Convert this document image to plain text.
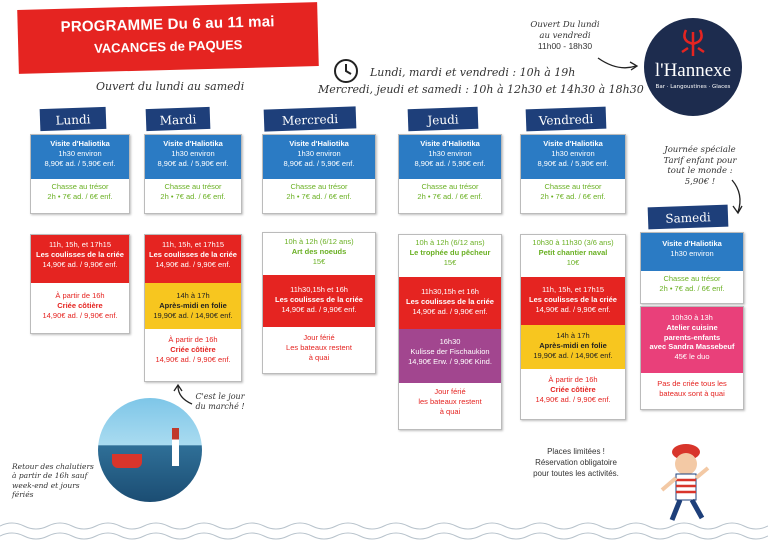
PROGRAMME Du 6 au 11 mai
VACANCES de PAQUES
Ouvert du lundi au samedi
Lundi, mardi et vendredi : 10h à 19h
Mercredi, jeudi et samedi : 10h à 12h30 et 14h30 à 18h30
Ouvert Du lundi
au vendredi
11h00 - 18h30
l'Hannexe
Bar · Langoustines · Glaces
Lundi
Visite d'Haliotika
1h30 environ
8,90€ ad. / 5,90€ enf.
Chasse au trésor
2h • 7€ ad. / 6€ enf.
11h, 15h, et 17h15
Les coulisses de la criée
14,90€ ad. / 9,90€ enf.
À partir de 16h
Criée côtière
14,90€ ad. / 9,90€ enf.
Mardi
Visite d'Haliotika
1h30 environ
8,90€ ad. / 5,90€ enf.
Chasse au trésor
2h • 7€ ad. / 6€ enf.
11h, 15h, et 17h15
Les coulisses de la criée
14,90€ ad. / 9,90€ enf.
14h à 17h
Après-midi en folie
19,90€ ad. / 14,90€ enf.
À partir de 16h
Criée côtière
14,90€ ad. / 9,90€ enf.
Mercredi
Visite d'Haliotika
1h30 environ
8,90€ ad. / 5,90€ enf.
Chasse au trésor
2h • 7€ ad. / 6€ enf.
10h à 12h (6/12 ans)
Art des noeuds
15€
11h30,15h et 16h
Les coulisses de la criée
14,90€ ad. / 9,90€ enf.
Jour férié
Les bateaux restent
à quai
Jeudi
Visite d'Haliotika
1h30 environ
8,90€ ad. / 5,90€ enf.
Chasse au trésor
2h • 7€ ad. / 6€ enf.
10h à 12h (6/12 ans)
Le trophée du pêcheur
15€
11h30,15h et 16h
Les coulisses de la criée
14,90€ ad. / 9,90€ enf.
16h30
Kulisse der Fischaukion
14,90€ Erw. / 9,90€ Kind.
Jour férié
les bateaux restent
à quai
Vendredi
Visite d'Haliotika
1h30 environ
8,90€ ad. / 5,90€ enf.
Chasse au trésor
2h • 7€ ad. / 6€ enf.
10h30 à 11h30 (3/6 ans)
Petit chantier naval
10€
11h, 15h, et 17h15
Les coulisses de la criée
14,90€ ad. / 9,90€ enf.
14h à 17h
Après-midi en folie
19,90€ ad. / 14,90€ enf.
À partir de 16h
Criée côtière
14,90€ ad. / 9,90€ enf.
Journée spéciale
Tarif enfant pour
tout le monde :
5,90€ !
Samedi
Visite d'Haliotika
1h30 environ
Chasse au trésor
2h • 7€ ad. / 6€ enf.
10h30 à 13h
Atelier cuisine
parents-enfants
avec Sandra Massebeuf
45€ le duo
Pas de criée tous les
bateaux sont à quai
C'est le jour
du marché !
Retour des chalutiers
à partir de 16h sauf
week-end et jours
fériés
Places limitées !
Réservation obligatoire
pour toutes les activités.
